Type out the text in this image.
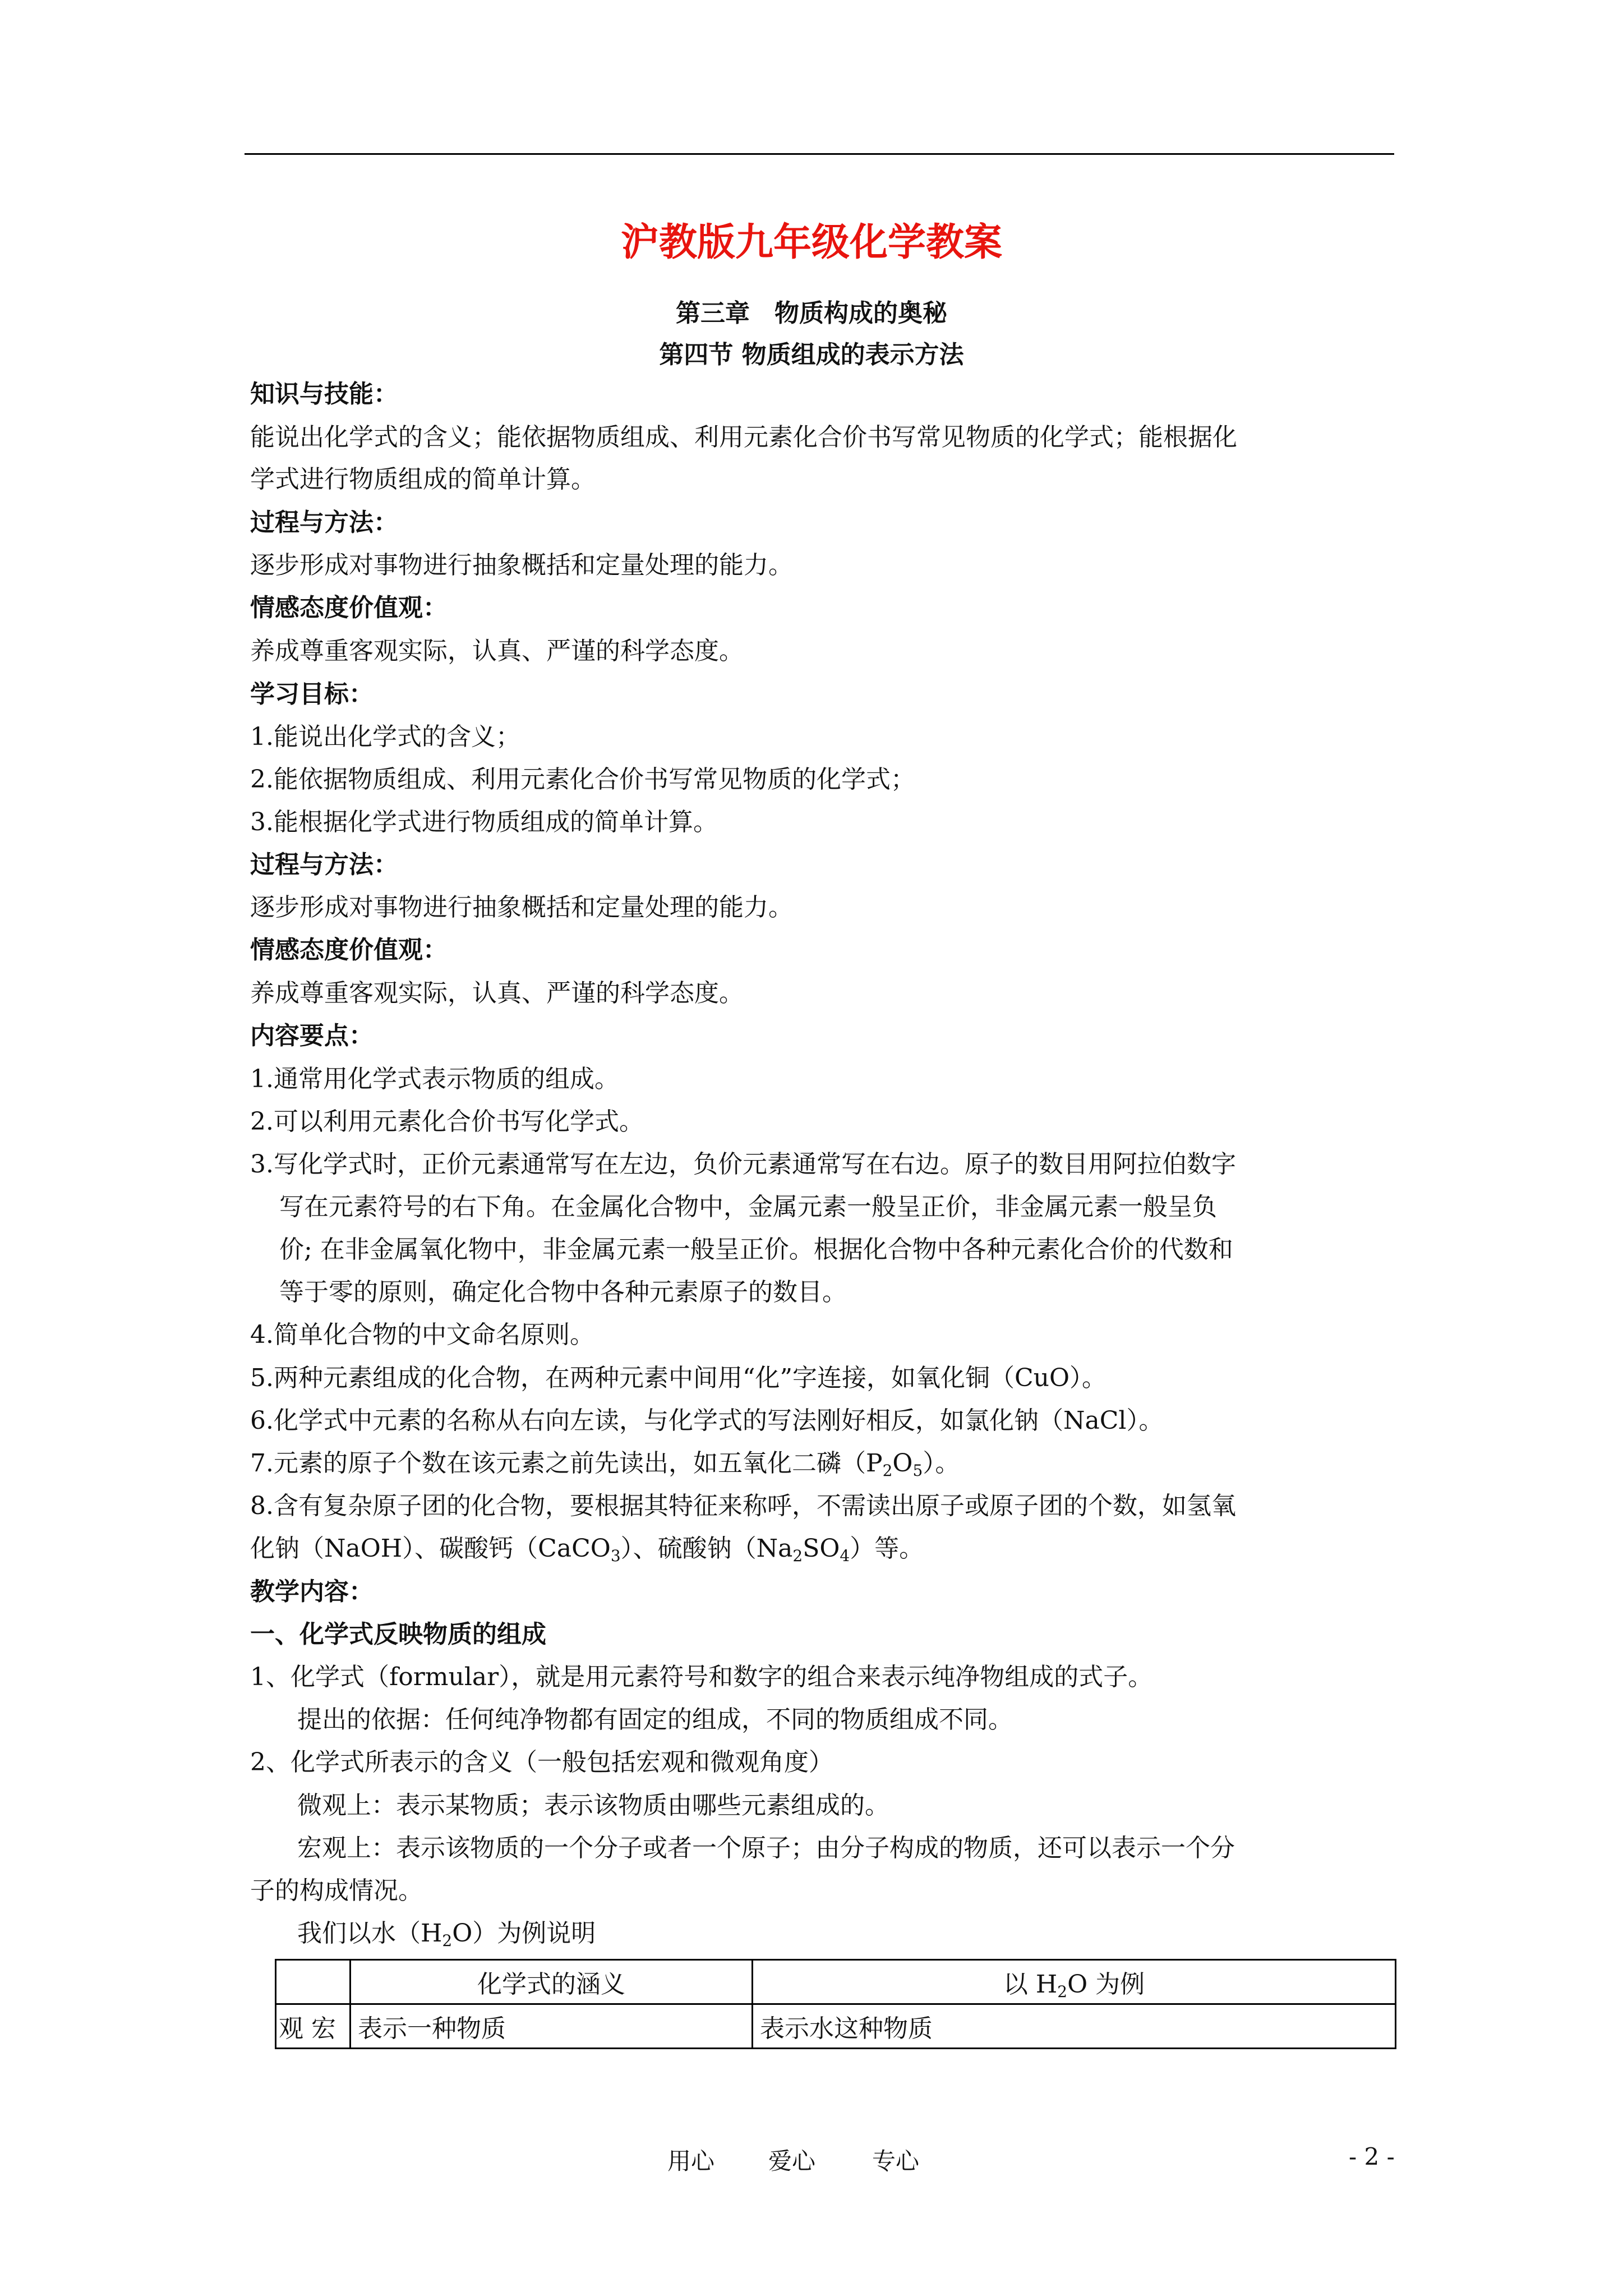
沪教版九年级化学教案
第三章　物质构成的奥秘
第四节 物质组成的表示方法
知识与技能：
能说出化学式的含义；能依据物质组成、利用元素化合价书写常见物质的化学式；能根据化
学式进行物质组成的简单计算。
过程与方法：
逐步形成对事物进行抽象概括和定量处理的能力。
情感态度价值观：
养成尊重客观实际，认真、严谨的科学态度。
学习目标：
1.能说出化学式的含义；
2.能依据物质组成、利用元素化合价书写常见物质的化学式；
3.能根据化学式进行物质组成的简单计算。
过程与方法：
逐步形成对事物进行抽象概括和定量处理的能力。
情感态度价值观：
养成尊重客观实际，认真、严谨的科学态度。
内容要点：
1.通常用化学式表示物质的组成。
2.可以利用元素化合价书写化学式。
3.写化学式时，正价元素通常写在左边，负价元素通常写在右边。原子的数目用阿拉伯数字
写在元素符号的右下角。在金属化合物中，金属元素一般呈正价，非金属元素一般呈负
价; 在非金属氧化物中，非金属元素一般呈正价。根据化合物中各种元素化合价的代数和
等于零的原则，确定化合物中各种元素原子的数目。
4.简单化合物的中文命名原则。
5.两种元素组成的化合物，在两种元素中间用“化”字连接，如氧化铜（CuO）。
6.化学式中元素的名称从右向左读，与化学式的写法刚好相反，如氯化钠（NaCl）。
7.元素的原子个数在该元素之前先读出，如五氧化二磷$(P_2O_5)$。
8.含有复杂原子团的化合物，要根据其特征来称呼，不需读出原子或原子团的个数，如氢氧
化钠（NaOH）、碳酸钙（CaCO$_3$）、硫酸钠$(Na_2SO_4)$等。
教学内容：
一、化学式反映物质的组成
1、化学式（formular），就是用元素符号和数字的组合来表示纯净物组成的式子。
提出的依据：任何纯净物都有固定的组成，不同的物质组成不同。
2、化学式所表示的含义（一般包括宏观和微观角度）
微观上：表示某物质；表示该物质由哪些元素组成的。
宏观上：表示该物质的一个分子或者一个原子；由分子构成的物质，还可以表示一个分
子的构成情况。
我们以水$(H_2O)$为例说明
	化学式的涵义	以 $H_2O$ 为例
观 宏	表示一种物质	表示水这种物质
用心 爱心 专心	- 2 -
